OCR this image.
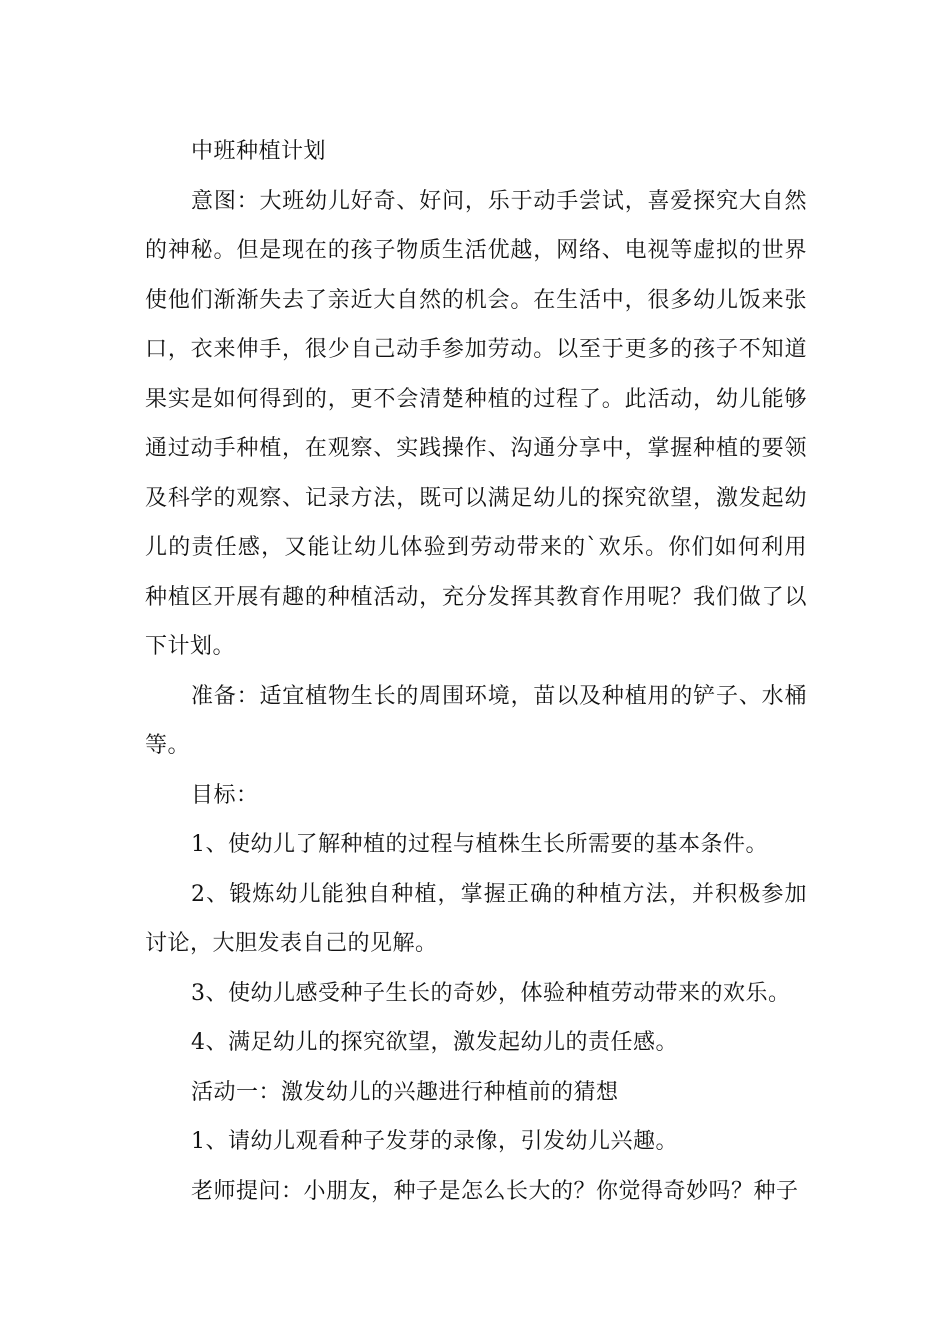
中班种植计划

意图：大班幼儿好奇、好问，乐于动手尝试，喜爱探究大自然的神秘。但是现在的孩子物质生活优越，网络、电视等虚拟的世界使他们渐渐失去了亲近大自然的机会。在生活中，很多幼儿饭来张口，衣来伸手，很少自己动手参加劳动。以至于更多的孩子不知道果实是如何得到的，更不会清楚种植的过程了。此活动，幼儿能够通过动手种植，在观察、实践操作、沟通分享中，掌握种植的要领及科学的观察、记录方法，既可以满足幼儿的探究欲望，激发起幼儿的责任感，又能让幼儿体验到劳动带来的`欢乐。你们如何利用种植区开展有趣的种植活动，充分发挥其教育作用呢？我们做了以下计划。

准备：适宜植物生长的周围环境，苗以及种植用的铲子、水桶等。

目标：

1、使幼儿了解种植的过程与植株生长所需要的基本条件。

2、锻炼幼儿能独自种植，掌握正确的种植方法，并积极参加讨论，大胆发表自己的见解。

3、使幼儿感受种子生长的奇妙，体验种植劳动带来的欢乐。

4、满足幼儿的探究欲望，激发起幼儿的责任感。

活动一：激发幼儿的兴趣进行种植前的猜想

1、请幼儿观看种子发芽的录像，引发幼儿兴趣。

老师提问：小朋友，种子是怎么长大的？你觉得奇妙吗？种子
